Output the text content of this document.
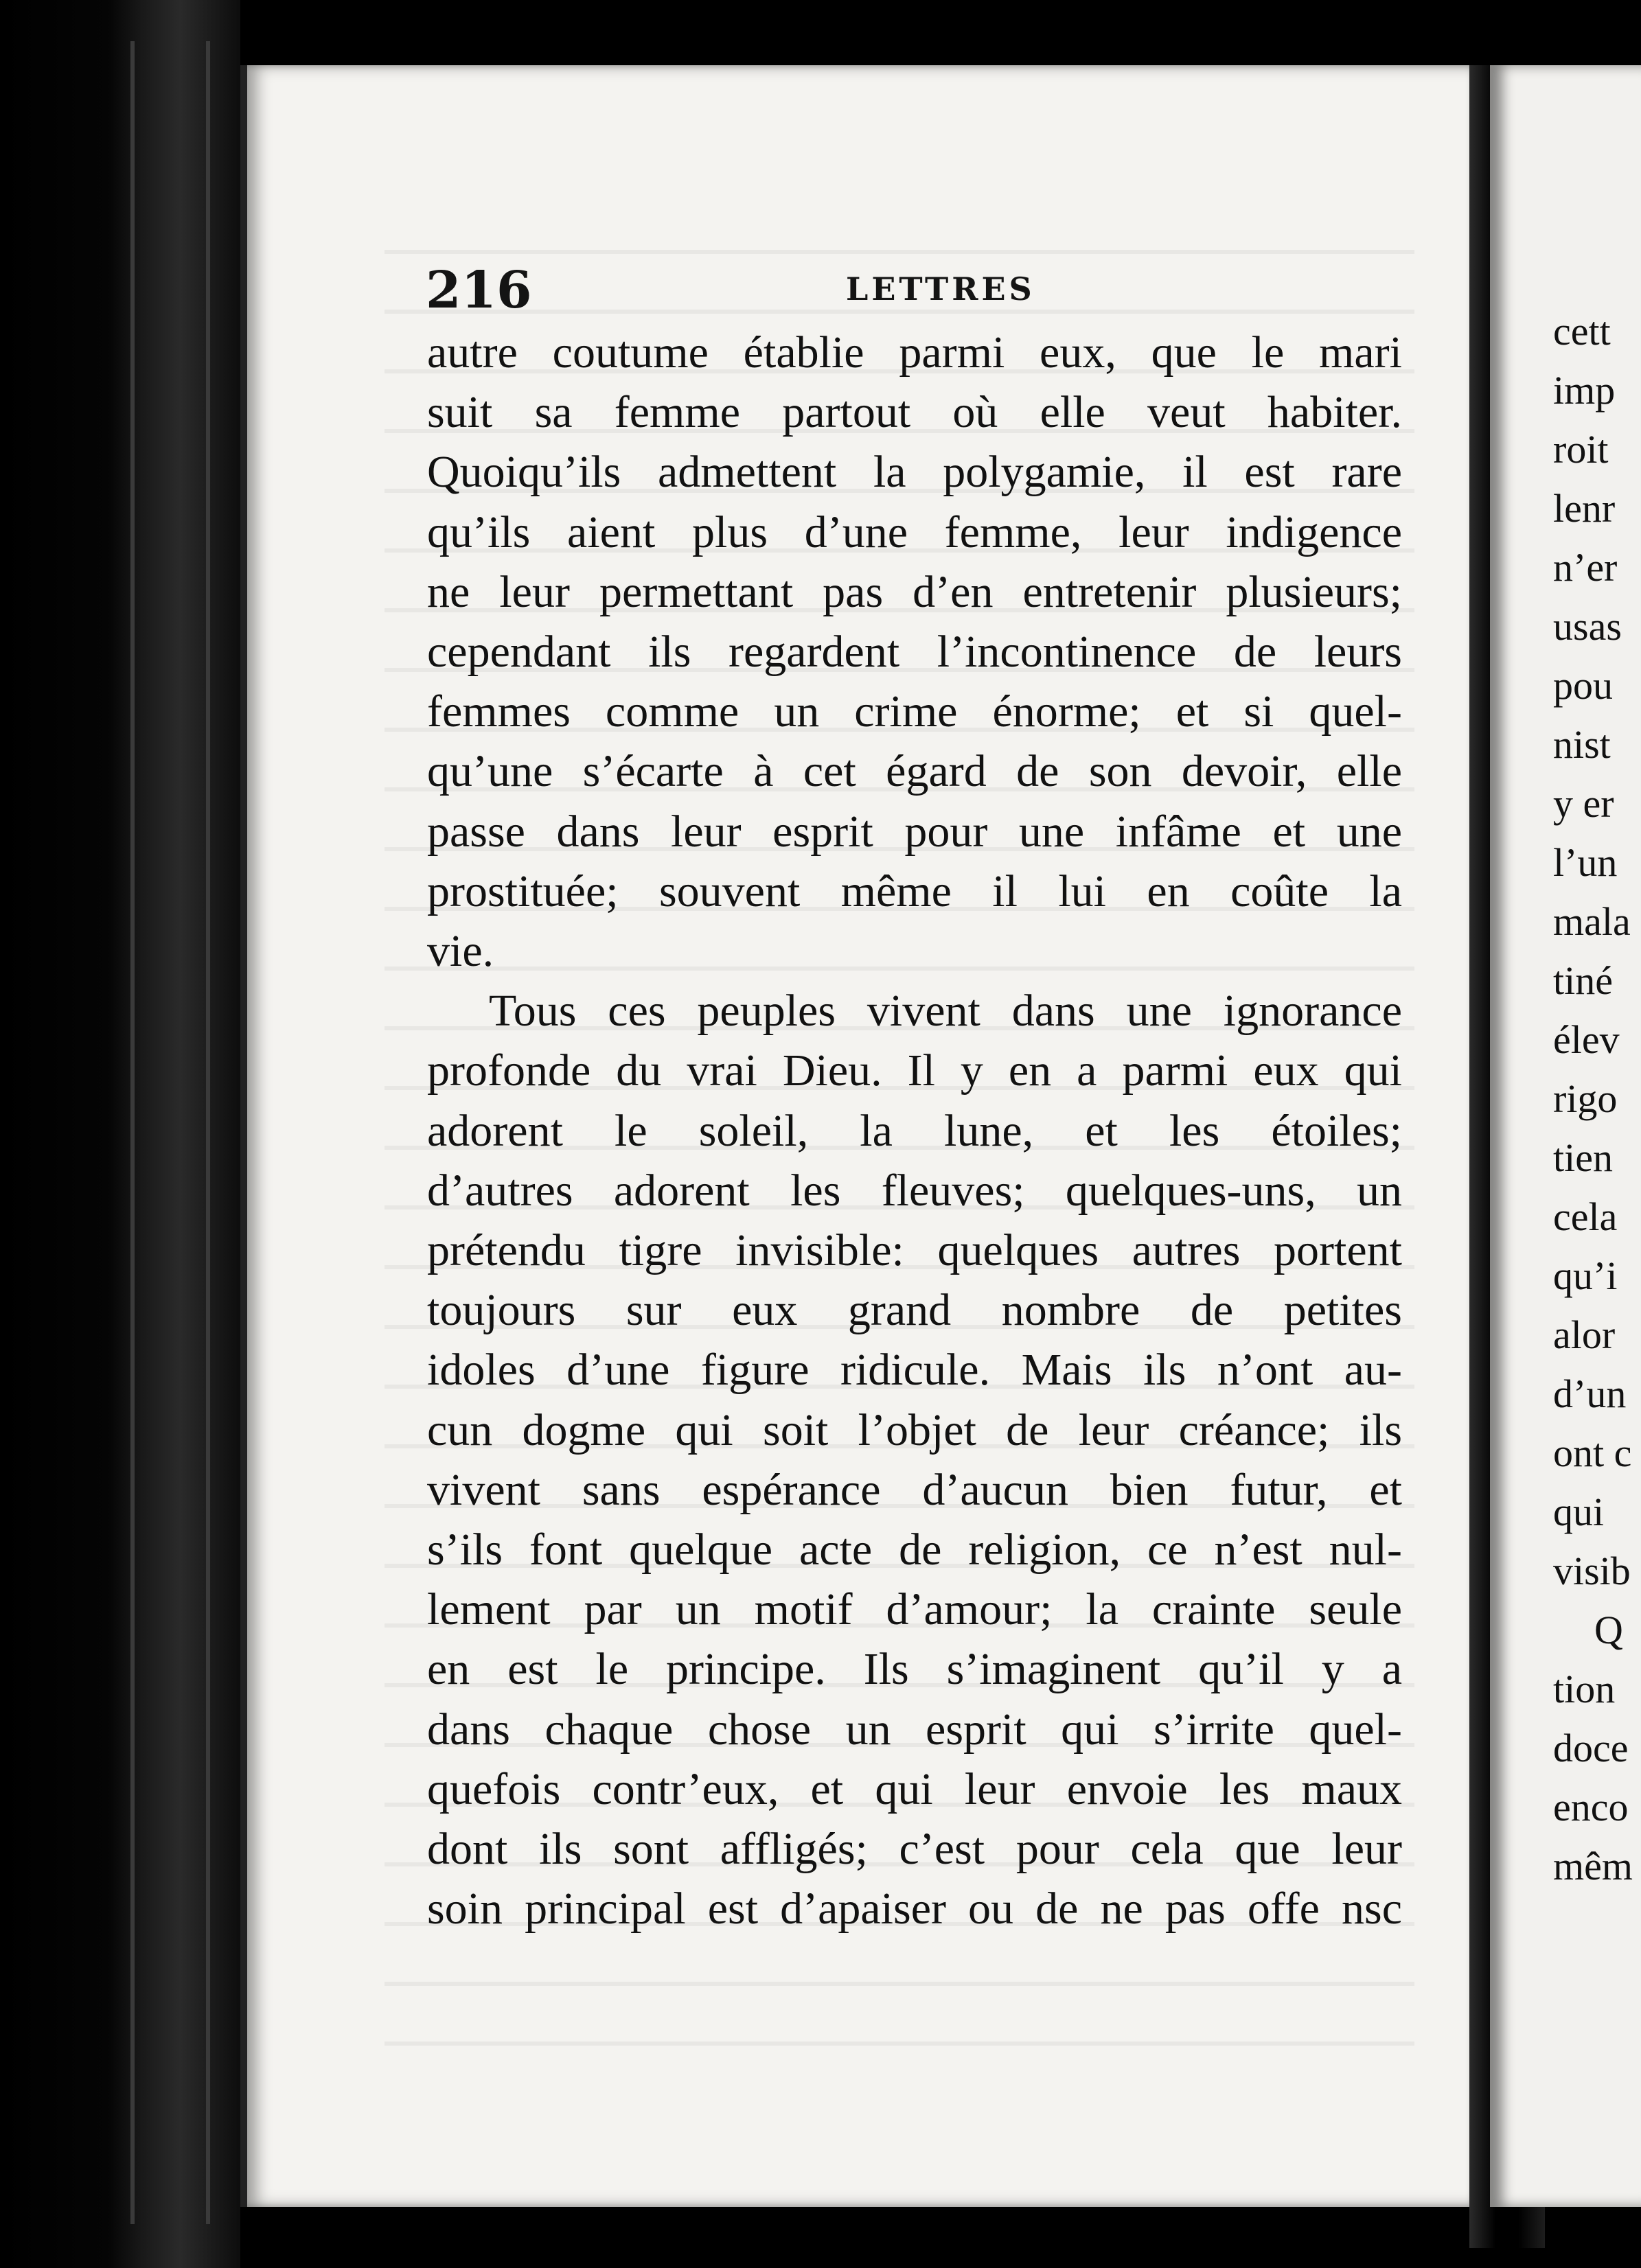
216	LETTRES
autre coutume établie parmi eux, que le mari
suit sa femme partout où elle veut habiter.
Quoiqu’ils admettent la polygamie, il est rare
qu’ils aient plus d’une femme, leur indigence
ne leur permettant pas d’en entretenir plusieurs;
cependant ils regardent l’incontinence de leurs
femmes comme un crime énorme; et si quel-
qu’une s’écarte à cet égard de son devoir, elle
passe dans leur esprit pour une infâme et une
prostituée; souvent même il lui en coûte la
vie.
Tous ces peuples vivent dans une ignorance
profonde du vrai Dieu. Il y en a parmi eux qui
adorent le soleil, la lune, et les étoiles;
d’autres adorent les fleuves; quelques-uns, un
prétendu tigre invisible: quelques autres portent
toujours sur eux grand nombre de petites
idoles d’une figure ridicule. Mais ils n’ont au-
cun dogme qui soit l’objet de leur créance; ils
vivent sans espérance d’aucun bien futur, et
s’ils font quelque acte de religion, ce n’est nul-
lement par un motif d’amour; la crainte seule
en est le principe. Ils s’imaginent qu’il y a
dans chaque chose un esprit qui s’irrite quel-
quefois contr’eux, et qui leur envoie les maux
dont ils sont affligés; c’est pour cela que leur
soin principal est d’apaiser ou de ne pas offe nsc
cett
imp
roit
lenr
n’er
usas
pou
nist
y er
l’un
mala
tiné
élev
rigo
tien
cela
qu’i
alor
d’un
ont c
qui
visib
Q
tion
doce
enco
mêm
